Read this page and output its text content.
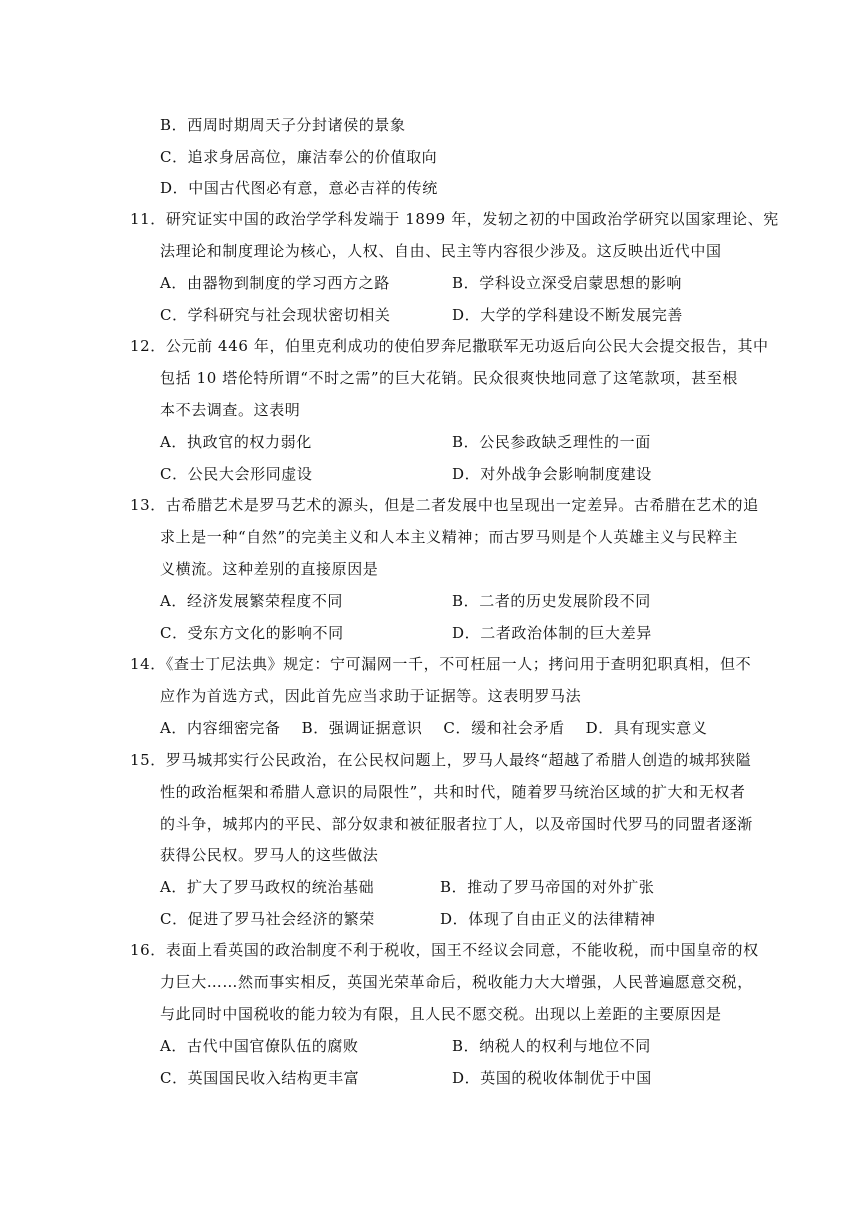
B．西周时期周天子分封诸侯的景象
C．追求身居高位，廉洁奉公的价值取向
D．中国古代图必有意，意必吉祥的传统
11．研究证实中国的政治学学科发端于 1899 年，发轫之初的中国政治学研究以国家理论、宪
法理论和制度理论为核心，人权、自由、民主等内容很少涉及。这反映出近代中国
A．由器物到制度的学习西方之路	B．学科设立深受启蒙思想的影响
C．学科研究与社会现状密切相关	D．大学的学科建设不断发展完善
12．公元前 446 年，伯里克利成功的使伯罗奔尼撒联军无功返后向公民大会提交报告，其中
包括 10 塔伦特所谓“不时之需”的巨大花销。民众很爽快地同意了这笔款项，甚至根
本不去调查。这表明
A．执政官的权力弱化	B．公民参政缺乏理性的一面
C．公民大会形同虚设	D．对外战争会影响制度建设
13．古希腊艺术是罗马艺术的源头，但是二者发展中也呈现出一定差异。古希腊在艺术的追
求上是一种“自然”的完美主义和人本主义精神；而古罗马则是个人英雄主义与民粹主
义横流。这种差别的直接原因是
A．经济发展繁荣程度不同	B．二者的历史发展阶段不同
C．受东方文化的影响不同	D．二者政治体制的巨大差异
14．《查士丁尼法典》规定：宁可漏网一千，不可枉屈一人；拷问用于查明犯职真相，但不
应作为首选方式，因此首先应当求助于证据等。这表明罗马法
A．内容细密完备　 B．强调证据意识　 C．缓和社会矛盾　 D．具有现实意义
15．罗马城邦实行公民政治，在公民权问题上，罗马人最终“超越了希腊人创造的城邦狭隘
性的政治框架和希腊人意识的局限性”，共和时代，随着罗马统治区域的扩大和无权者
的斗争，城邦内的平民、部分奴隶和被征服者拉丁人，以及帝国时代罗马的同盟者逐渐
获得公民权。罗马人的这些做法
A．扩大了罗马政权的统治基础	B．推动了罗马帝国的对外扩张
C．促进了罗马社会经济的繁荣	D．体现了自由正义的法律精神
16．表面上看英国的政治制度不利于税收，国王不经议会同意，不能收税，而中国皇帝的权
力巨大……然而事实相反，英国光荣革命后，税收能力大大增强，人民普遍愿意交税，
与此同时中国税收的能力较为有限，且人民不愿交税。出现以上差距的主要原因是
A．古代中国官僚队伍的腐败	B．纳税人的权利与地位不同
C．英国国民收入结构更丰富	D．英国的税收体制优于中国
